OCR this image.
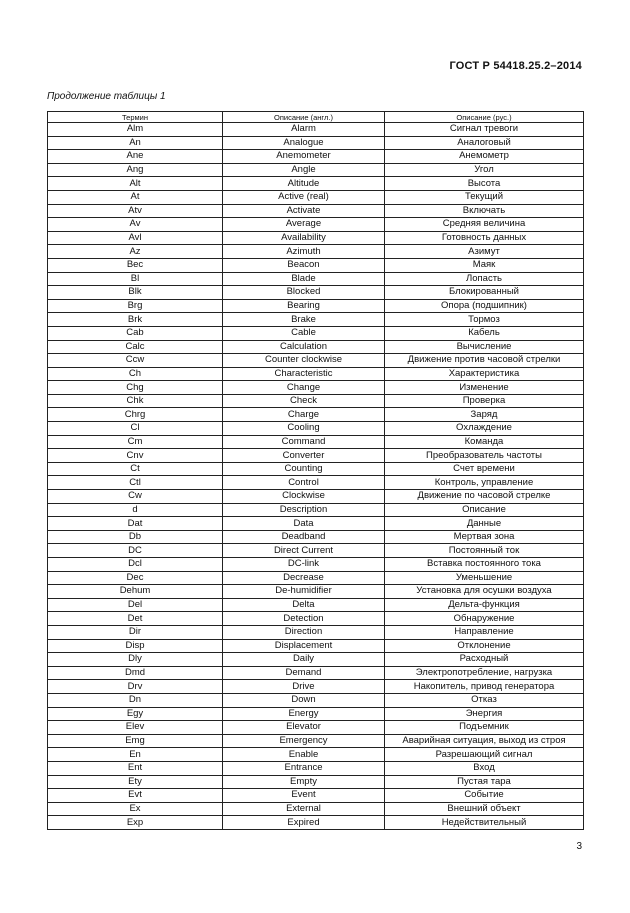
ГОСТ Р 54418.25.2–2014
Продолжение таблицы 1
Термин	Описание (англ.)	Описание (рус.)
Alm	Alarm	Сигнал тревоги
An	Analogue	Аналоговый
Ane	Anemometer	Анемометр
Ang	Angle	Угол
Alt	Altitude	Высота
At	Active (real)	Текущий
Atv	Activate	Включать
Av	Average	Средняя величина
Avl	Availability	Готовность данных
Az	Azimuth	Азимут
Bec	Beacon	Маяк
Bl	Blade	Лопасть
Blk	Blocked	Блокированный
Brg	Bearing	Опора (подшипник)
Brk	Brake	Тормоз
Cab	Cable	Кабель
Calc	Calculation	Вычисление
Ccw	Counter clockwise	Движение против часовой стрелки
Ch	Characteristic	Характеристика
Chg	Change	Изменение
Chk	Check	Проверка
Chrg	Charge	Заряд
Cl	Cooling	Охлаждение
Cm	Command	Команда
Cnv	Converter	Преобразователь частоты
Ct	Counting	Счет времени
Ctl	Control	Контроль, управление
Cw	Clockwise	Движение по часовой стрелке
d	Description	Описание
Dat	Data	Данные
Db	Deadband	Мертвая зона
DC	Direct Current	Постоянный ток
Dcl	DC-link	Вставка постоянного тока
Dec	Decrease	Уменьшение
Dehum	De-humidifier	Установка для осушки воздуха
Del	Delta	Дельта-функция
Det	Detection	Обнаружение
Dir	Direction	Направление
Disp	Displacement	Отклонение
Dly	Daily	Расходный
Dmd	Demand	Электропотребление, нагрузка
Drv	Drive	Накопитель, привод генератора
Dn	Down	Отказ
Egy	Energy	Энергия
Elev	Elevator	Подъемник
Emg	Emergency	Аварийная ситуация, выход из строя
En	Enable	Разрешающий сигнал
Ent	Entrance	Вход
Ety	Empty	Пустая тара
Evt	Event	Событие
Ex	External	Внешний объект
Exp	Expired	Недействительный
3
